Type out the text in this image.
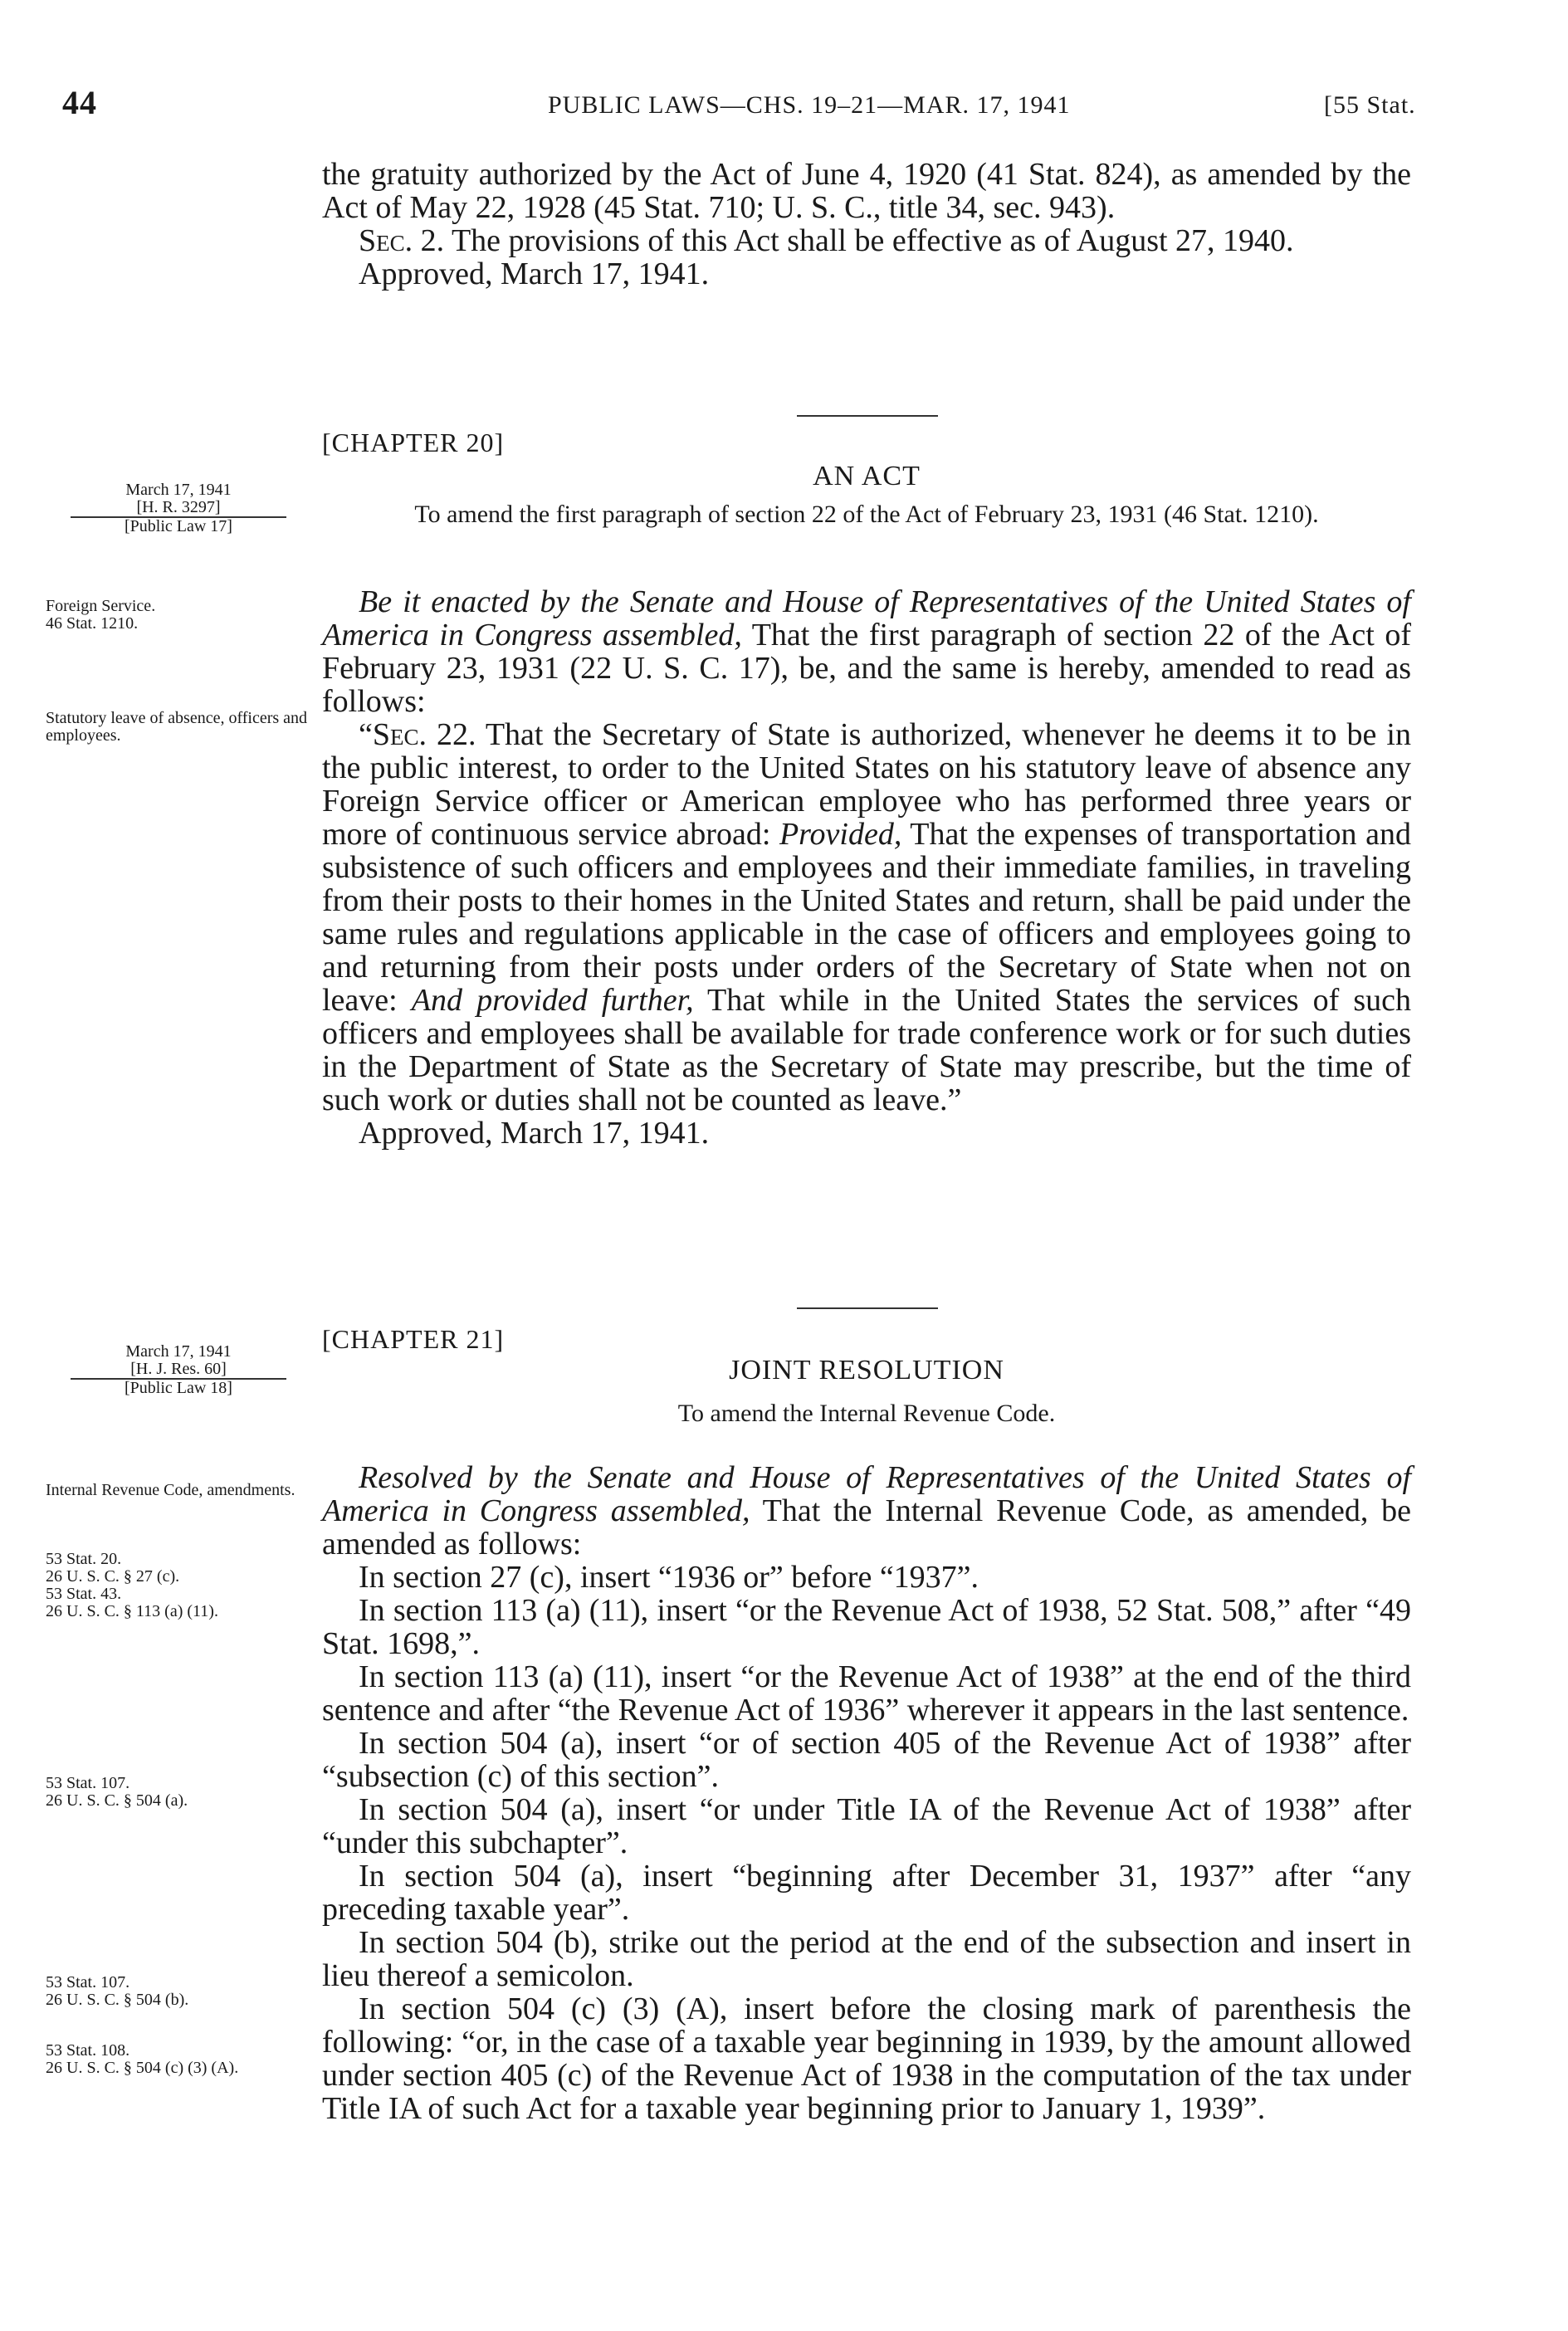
44	PUBLIC LAWS—CHS. 19–21—MAR. 17, 1941	[55 Stat.

the gratuity authorized by the Act of June 4, 1920 (41 Stat. 824), as amended by the Act of May 22, 1928 (45 Stat. 710; U. S. C., title 34, sec. 943).

Sec. 2. The provisions of this Act shall be effective as of August 27, 1940.

Approved, March 17, 1941.

[CHAPTER 20]
AN ACT
To amend the first paragraph of section 22 of the Act of February 23, 1931 (46 Stat. 1210).
March 17, 1941
[H. R. 3297]
[Public Law 17]
Foreign Service.
46 Stat. 1210.
Statutory leave of absence, officers and employees.

Be it enacted by the Senate and House of Representatives of the United States of America in Congress assembled, That the first paragraph of section 22 of the Act of February 23, 1931 (22 U. S. C. 17), be, and the same is hereby, amended to read as follows:

“Sec. 22. That the Secretary of State is authorized, whenever he deems it to be in the public interest, to order to the United States on his statutory leave of absence any Foreign Service officer or American employee who has performed three years or more of continuous service abroad: Provided, That the expenses of transportation and subsistence of such officers and employees and their immediate families, in traveling from their posts to their homes in the United States and return, shall be paid under the same rules and regulations applicable in the case of officers and employees going to and returning from their posts under orders of the Secretary of State when not on leave: And provided further, That while in the United States the services of such officers and employees shall be available for trade conference work or for such duties in the Department of State as the Secretary of State may prescribe, but the time of such work or duties shall not be counted as leave.”

Approved, March 17, 1941.

[CHAPTER 21]
JOINT RESOLUTION
To amend the Internal Revenue Code.
March 17, 1941
[H. J. Res. 60]
[Public Law 18]
Internal Revenue Code, amendments.
53 Stat. 20.
26 U. S. C. § 27 (c).
53 Stat. 43.
26 U. S. C. § 113 (a) (11).
53 Stat. 107.
26 U. S. C. § 504 (a).
53 Stat. 107.
26 U. S. C. § 504 (b).
53 Stat. 108.
26 U. S. C. § 504 (c) (3) (A).

Resolved by the Senate and House of Representatives of the United States of America in Congress assembled, That the Internal Revenue Code, as amended, be amended as follows:

In section 27 (c), insert “1936 or” before “1937”.

In section 113 (a) (11), insert “or the Revenue Act of 1938, 52 Stat. 508,” after “49 Stat. 1698,”.

In section 113 (a) (11), insert “or the Revenue Act of 1938” at the end of the third sentence and after “the Revenue Act of 1936” wherever it appears in the last sentence.

In section 504 (a), insert “or of section 405 of the Revenue Act of 1938” after “subsection (c) of this section”.

In section 504 (a), insert “or under Title IA of the Revenue Act of 1938” after “under this subchapter”.

In section 504 (a), insert “beginning after December 31, 1937” after “any preceding taxable year”.

In section 504 (b), strike out the period at the end of the subsection and insert in lieu thereof a semicolon.

In section 504 (c) (3) (A), insert before the closing mark of parenthesis the following: “or, in the case of a taxable year beginning in 1939, by the amount allowed under section 405 (c) of the Revenue Act of 1938 in the computation of the tax under Title IA of such Act for a taxable year beginning prior to January 1, 1939”.
